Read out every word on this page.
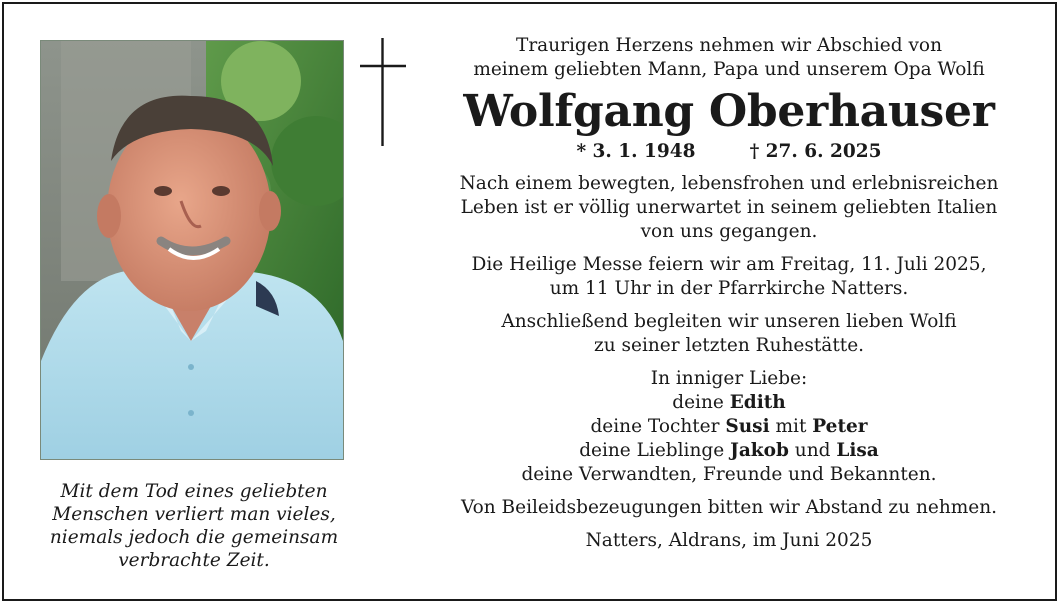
Mit dem Tod eines geliebten
Menschen verliert man vieles,
niemals jedoch die gemeinsam
verbrachte Zeit.

Traurigen Herzens nehmen wir Abschied von

meinem geliebten Mann, Papa und unserem Opa Wolfi

Wolfgang Oberhauser

* 3. 1. 1948	† 27. 6. 2025

Nach einem bewegten, lebensfrohen und erlebnisreichen
Leben ist er völlig unerwartet in seinem geliebten Italien
von uns gegangen.
Die Heilige Messe feiern wir am Freitag, 11. Juli 2025,
um 11 Uhr in der Pfarrkirche Natters.
Anschließend begleiten wir unseren lieben Wolfi
zu seiner letzten Ruhestätte.
In inniger Liebe:
deine Edith
deine Tochter Susi mit Peter
deine Lieblinge Jakob und Lisa
deine Verwandten, Freunde und Bekannten.

Von Beileidsbezeugungen bitten wir Abstand zu nehmen.

Natters, Aldrans, im Juni 2025
